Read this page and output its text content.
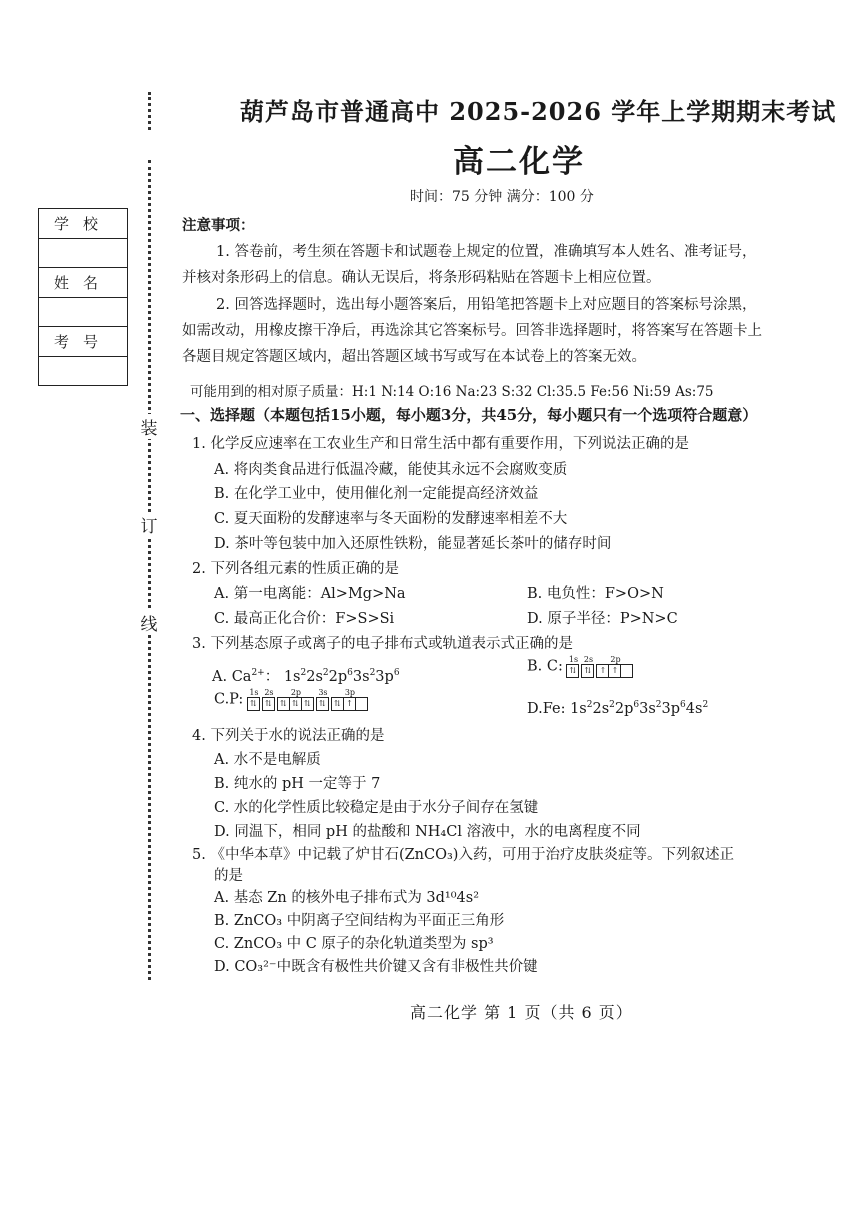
装
订
线
学校
姓名
考号
葫芦岛市普通高中 2025-2026 学年上学期期末考试
高二化学
时间：75 分钟 满分：100 分
注意事项：
1. 答卷前，考生须在答题卡和试题卷上规定的位置，准确填写本人姓名、准考证号，
并核对条形码上的信息。确认无误后，将条形码粘贴在答题卡上相应位置。
2. 回答选择题时，选出每小题答案后，用铅笔把答题卡上对应题目的答案标号涂黑，
如需改动，用橡皮擦干净后，再选涂其它答案标号。回答非选择题时，将答案写在答题卡上
各题目规定答题区域内，超出答题区域书写或写在本试卷上的答案无效。
可能用到的相对原子质量：H:1 N:14 O:16 Na:23 S:32 Cl:35.5 Fe:56 Ni:59 As:75
一、选择题（本题包括15小题，每小题3分，共45分，每小题只有一个选项符合题意）
1. 化学反应速率在工农业生产和日常生活中都有重要作用，下列说法正确的是
A. 将肉类食品进行低温冷藏，能使其永远不会腐败变质
B. 在化学工业中，使用催化剂一定能提高经济效益
C. 夏天面粉的发酵速率与冬天面粉的发酵速率相差不大
D. 茶叶等包装中加入还原性铁粉，能显著延长茶叶的储存时间
2. 下列各组元素的性质正确的是
A. 第一电离能：Al>Mg>Na	B. 电负性：F>O>N
C. 最高正化合价：F>S>Si	D. 原子半径：P>N>C
3. 下列基态原子或离子的电子排布式或轨道表示式正确的是
A. $Ca^{2+}$： $1s^22s^22p^63s^23p^6$	B. C: 1s
⇅
2s
⇅
2p
↑ ↑
C.P: 1s
⇅
2s
⇅
2p
⇅ ⇅ ⇅
3s
⇅
3p
⇅ ↑	D.Fe: $1s^22s^22p^63s^23p^64s^2$
4. 下列关于水的说法正确的是
A. 水不是电解质
B. 纯水的 pH 一定等于 7
C. 水的化学性质比较稳定是由于水分子间存在氢键
D. 同温下，相同 pH 的盐酸和 NH₄Cl 溶液中，水的电离程度不同
5. 《中华本草》中记载了炉甘石(ZnCO₃)入药，可用于治疗皮肤炎症等。下列叙述正
的是
A. 基态 Zn 的核外电子排布式为 3d¹⁰4s²
B. ZnCO₃ 中阴离子空间结构为平面正三角形
C. ZnCO₃ 中 C 原子的杂化轨道类型为 sp³
D. CO₃²⁻中既含有极性共价键又含有非极性共价键
高二化学 第 1 页（共 6 页）
